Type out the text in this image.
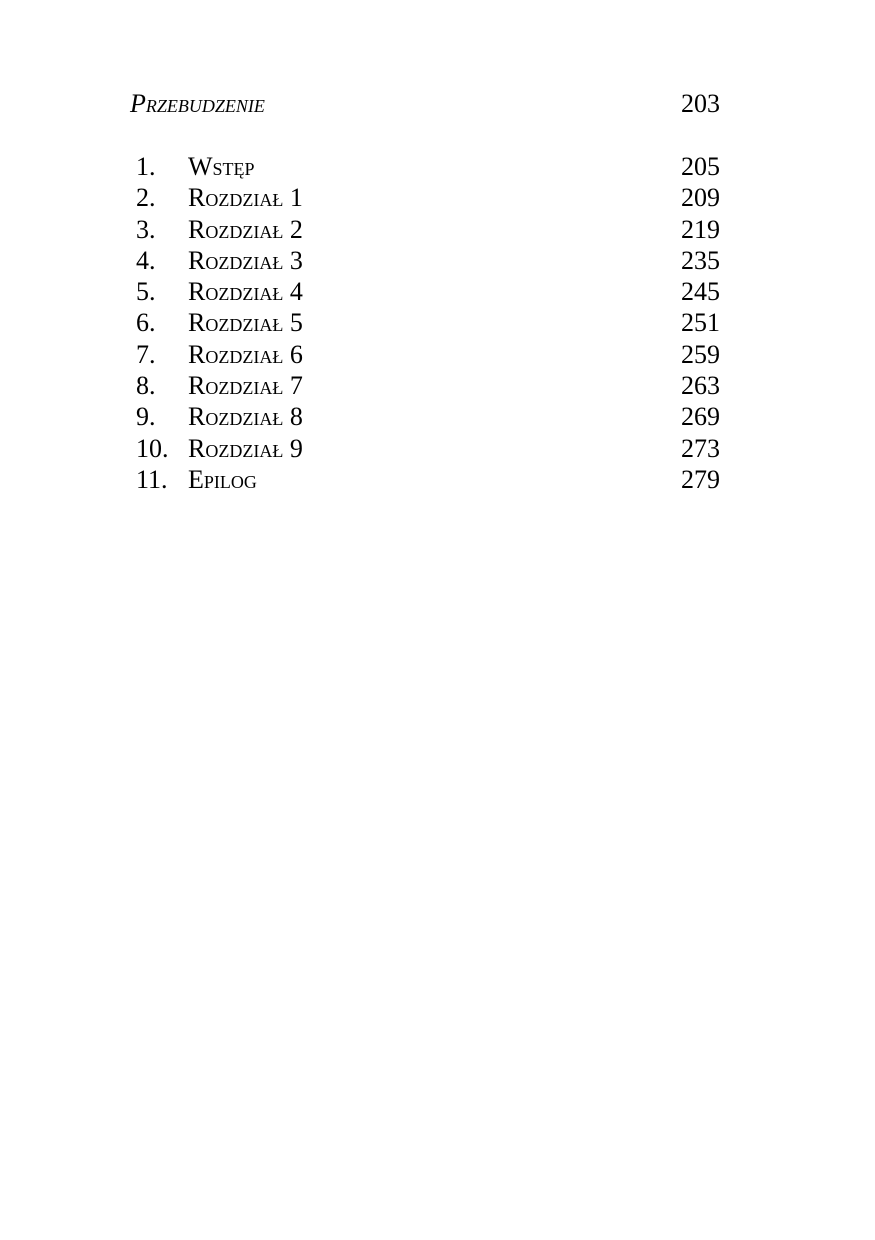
Przebudzenie	203
1. Wstęp	205
2. Rozdział 1	209
3. Rozdział 2	219
4. Rozdział 3	235
5. Rozdział 4	245
6. Rozdział 5	251
7. Rozdział 6	259
8. Rozdział 7	263
9. Rozdział 8	269
10. Rozdział 9	273
11. Epilog	279
